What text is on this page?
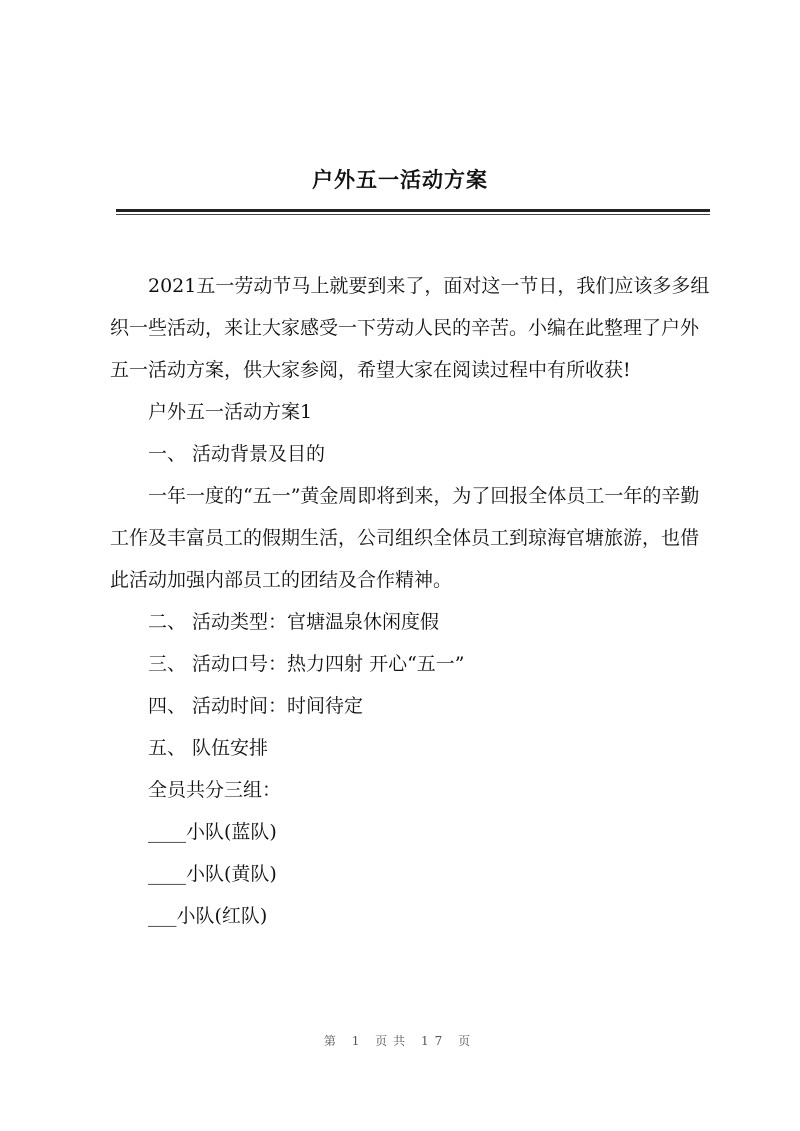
户外五一活动方案

2021五一劳动节马上就要到来了，面对这一节日，我们应该多多组织一些活动，来让大家感受一下劳动人民的辛苦。小编在此整理了户外五一活动方案，供大家参阅，希望大家在阅读过程中有所收获!

户外五一活动方案1

一、 活动背景及目的

一年一度的“五一”黄金周即将到来，为了回报全体员工一年的辛勤工作及丰富员工的假期生活，公司组织全体员工到琼海官塘旅游，也借此活动加强内部员工的团结及合作精神。

二、 活动类型：官塘温泉休闲度假

三、 活动口号：热力四射 开心“五一”

四、 活动时间：时间待定

五、 队伍安排

全员共分三组：

____小队(蓝队)

____小队(黄队)

___小队(红队)

第 1 页共 17 页
